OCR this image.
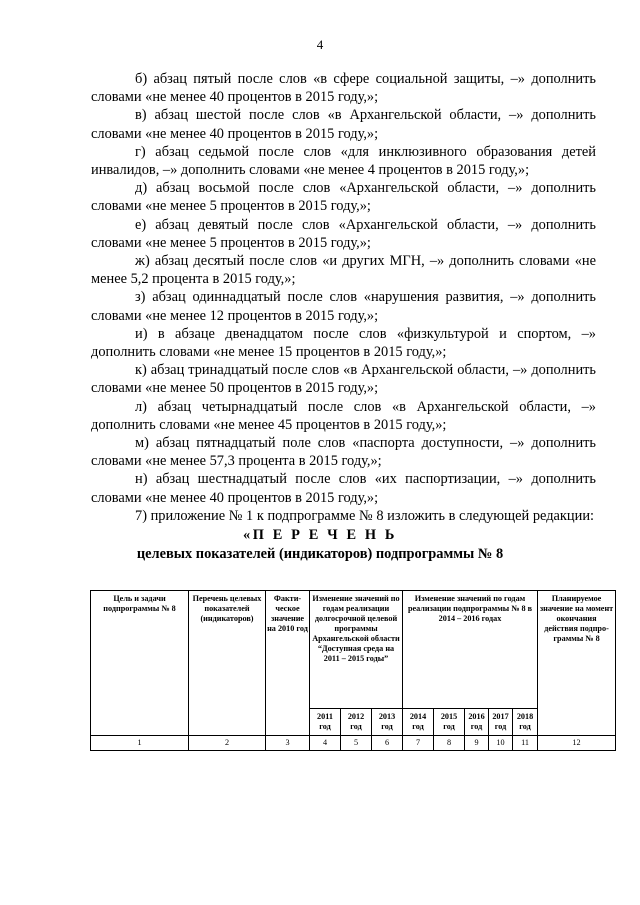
4

б) абзац пятый после слов «в сфере социальной защиты, –» дополнить словами «не менее 40 процентов в 2015 году,»;

в) абзац шестой после слов «в Архангельской области, –» дополнить словами «не менее 40 процентов в 2015 году,»;

г) абзац седьмой после слов «для инклюзивного образования детей инвалидов, –» дополнить словами «не менее 4 процентов в 2015 году,»;

д) абзац восьмой после слов «Архангельской области, –» дополнить словами «не менее 5 процентов в 2015 году,»;

е) абзац девятый после слов «Архангельской области, –» дополнить словами «не менее 5 процентов в 2015 году,»;

ж) абзац десятый после слов «и других МГН, –» дополнить словами «не менее 5,2 процента в 2015 году,»;

з) абзац одиннадцатый после слов «нарушения развития, –» дополнить словами «не менее 12 процентов в 2015 году,»;

и) в абзаце двенадцатом после слов «физкультурой и спортом, –» дополнить словами «не менее 15 процентов в 2015 году,»;

к) абзац тринадцатый после слов «в Архангельской области, –» дополнить словами «не менее 50 процентов в 2015 году,»;

л) абзац четырнадцатый после слов «в Архангельской области, –» дополнить словами «не менее 45 процентов в 2015 году,»;

м) абзац пятнадцатый поле слов «паспорта доступности, –» дополнить словами «не менее 57,3 процента в 2015 году,»;

н) абзац шестнадцатый после слов «их паспортизации, –» дополнить словами «не менее 40 процентов в 2015 году,»;

7) приложение № 1 к подпрограмме № 8 изложить в следующей редакции:

«П Е Р Е Ч Е Н Ь
целевых показателей (индикаторов) подпрограммы № 8
Цель и задачи подпрограммы № 8	Перечень целевых показателей (индикаторов)	Факти-ческое значение на 2010 год	Изменение значений по годам реализации долгосрочной целевой программы Архангельской области “Доступная среда на 2011 – 2015 годы”			Изменение значений по годам реализации подпрограммы № 8 в 2014 – 2016 годах					Планируемое значение на момент окончания действия подпро-граммы № 8
			2011 год	2012 год	2013 год	2014 год	2015 год	2016 год	2017 год	2018 год	
1	2	3	4	5	6	7	8	9	10	11	12
